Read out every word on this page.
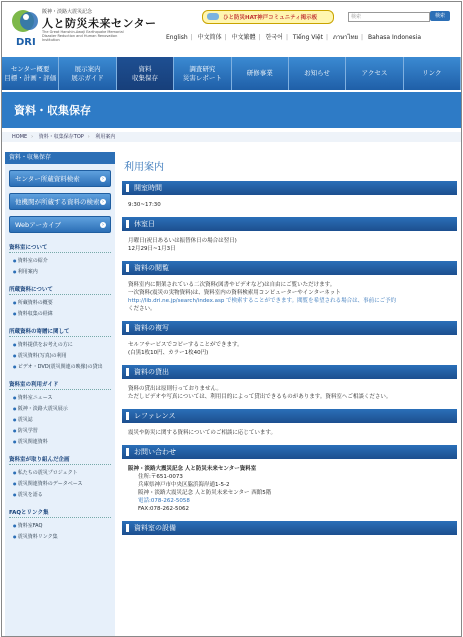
阪神・淡路大震災記念
人と防災未来センター
DRI
The Great Hanshin-Awaji Earthquake Memorial Disaster Reduction and Human Renovation Institution
ひと防災HAT神戸コミュニティ掲示板	検索	検索
English | 中文简体 | 中文繁體 | 한국어 | Tiếng Việt | ภาษาไทย | Bahasa Indonesia
センター概要
目標・計画・評価
展示案内
展示ガイド
資料
収集保存
調査研究
災害レポート
研修事業	お知らせ	アクセス	リンク
資料・収集保存
HOME › 資料・収集保存TOP › 利用案内
資料・収集保存
センター所蔵資料検索	›
他機関が所蔵する資料の検索 ›
Webアーカイブ	›
資料室について
● 資料室の紹介
● 利用案内
所蔵資料について
● 所蔵資料の概要
● 資料収集の経緯
所蔵資料の寄贈に関して
● 資料提供をお考えの方に
● 震災資料(写真)の利用
● ビデオ・DVD(震災関連の映像)の貸出
資料室の利用ガイド
● 資料室ニュース
● 阪神・淡路大震災展示
● 震災誌
● 防災学習
● 震災関連資料
資料室が取り組んだ企画
● 私たちの震災プロジェクト
● 震災関連資料のデータベース
● 震災を語る
FAQとリンク集
● 資料室FAQ
● 震災資料リンク集
利用案内
開室時間
9:30~17:30
休室日
月曜日(祝日あるいは振替休日の場合は翌日)
12月29日~1月3日
資料の閲覧
資料室内に開架されている二次資料(図書やビデオなど)は自由にご覧いただけます。
一次資料(震災の実物資料)は、資料室内の資料検索用コンピューターやインターネット
http://lib.dri.ne.jp/search/index.asp で検索することができます。閲覧を希望される場合は、事前にご予約
ください。
資料の複写
セルフサービスでコピーすることができます。
(白黒1枚10円、カラー1枚40円)
資料の貸出
資料の貸出は原則行っておりません。
ただしビデオや写真については、利用目的によって貸出できるものがあります。資料室へご相談ください。
レファレンス
震災や防災に関する資料についてのご相談に応じています。
お問い合わせ
阪神・淡路大震災記念 人と防災未来センター資料室
住所:〒651-0073
兵庫県神戸市中央区脇浜海岸通1-5-2
阪神・淡路大震災記念 人と防災未来センター 西館5階
電話:078-262-5058
FAX:078-262-5062
資料室の設備
